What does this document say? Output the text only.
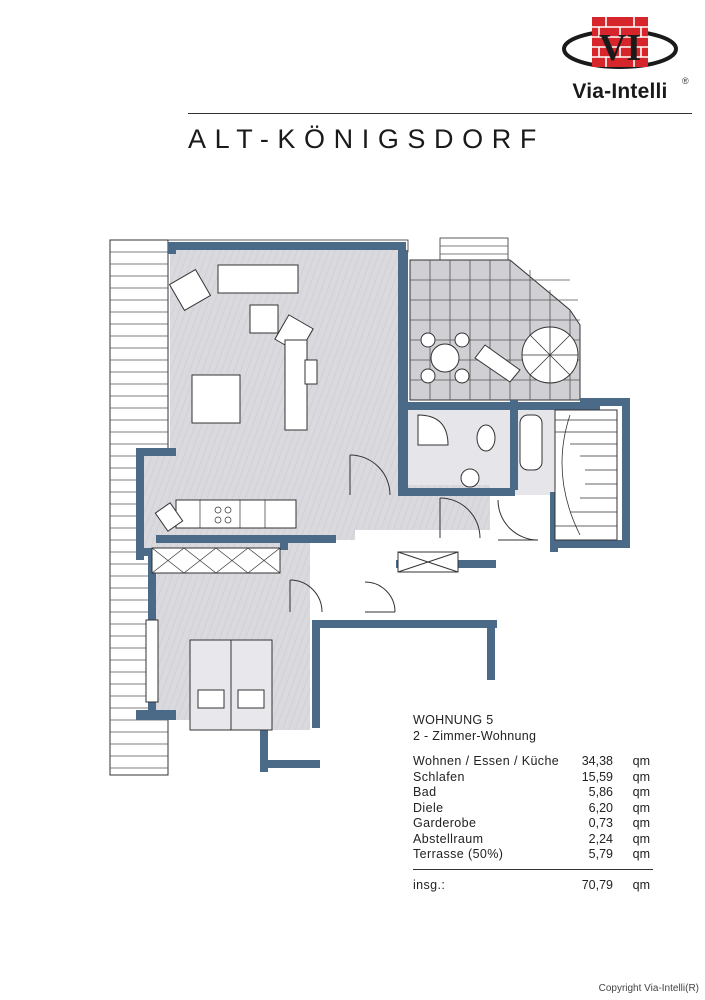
VI
Via-Intelli	®
ALT-KÖNIGSDORF
WOHNUNG 5
2 - Zimmer-Wohnung
Wohnen / Essen / Küche 34,38 qm
Schlafen	15,59 qm
Bad	5,86 qm
Diele	6,20 qm
Garderobe	0,73 qm
Abstellraum	2,24 qm
Terrasse (50%)	5,79 qm
insg.:	70,79 qm
Copyright Via-Intelli(R)
